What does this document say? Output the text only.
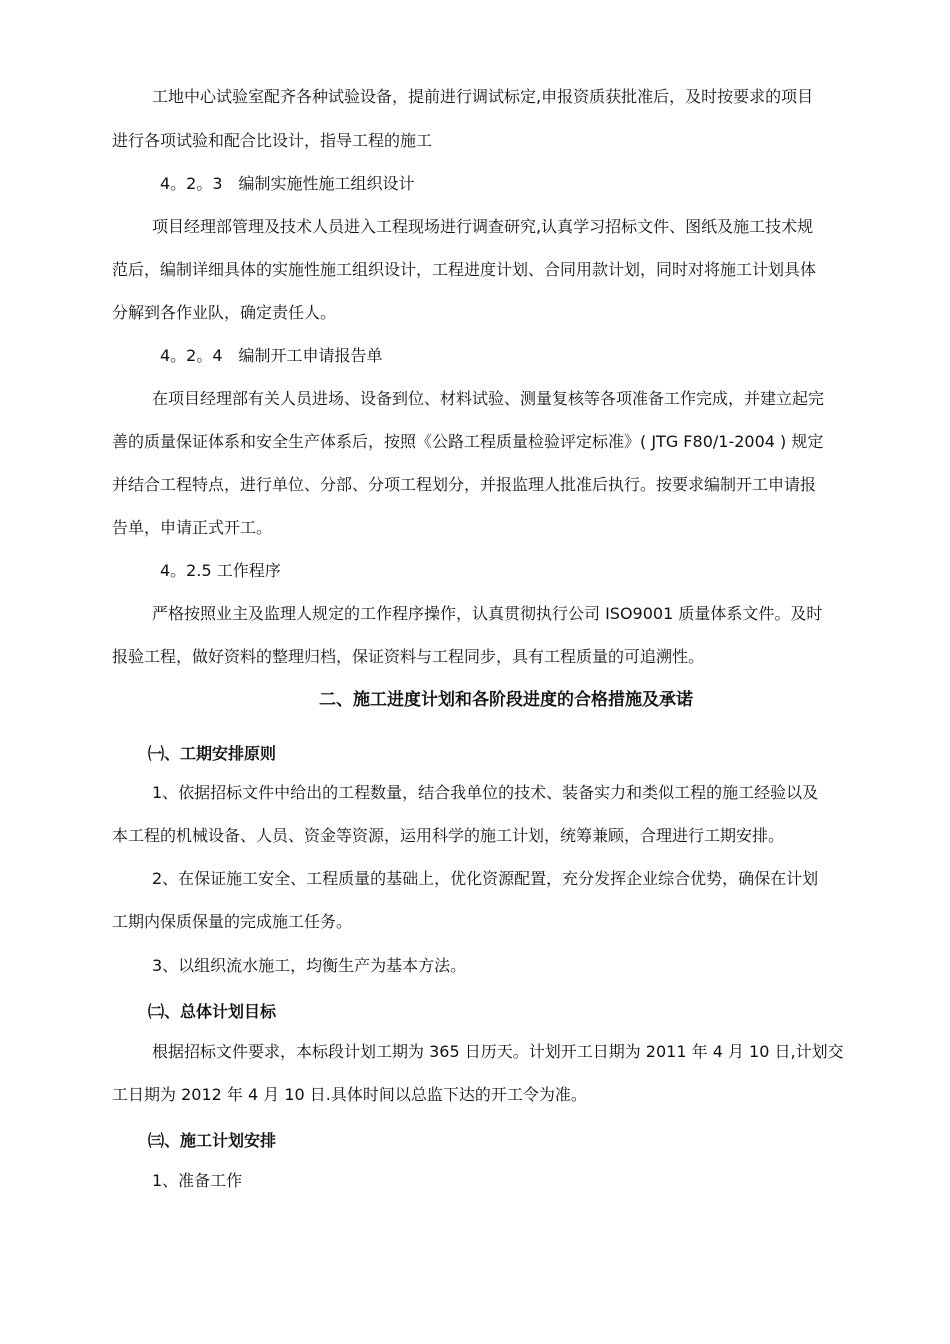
工地中心试验室配齐各种试验设备，提前进行调试标定,申报资质获批准后，及时按要求的项目

进行各项试验和配合比设计，指导工程的施工

4。2。3　编制实施性施工组织设计

项目经理部管理及技术人员进入工程现场进行调查研究,认真学习招标文件、图纸及施工技术规

范后，编制详细具体的实施性施工组织设计，工程进度计划、合同用款计划，同时对将施工计划具体

分解到各作业队，确定责任人。

4。2。4　编制开工申请报告单

在项目经理部有关人员进场、设备到位、材料试验、测量复核等各项准备工作完成，并建立起完

善的质量保证体系和安全生产体系后，按照《公路工程质量检验评定标准》( JTG F80/1-2004 ) 规定

并结合工程特点，进行单位、分部、分项工程划分，并报监理人批准后执行。按要求编制开工申请报

告单，申请正式开工。

4。2.5 工作程序

严格按照业主及监理人规定的工作程序操作，认真贯彻执行公司 ISO9001 质量体系文件。及时

报验工程，做好资料的整理归档，保证资料与工程同步，具有工程质量的可追溯性。

二、施工进度计划和各阶段进度的合格措施及承诺

㈠、工期安排原则

1、依据招标文件中给出的工程数量，结合我单位的技术、装备实力和类似工程的施工经验以及

本工程的机械设备、人员、资金等资源，运用科学的施工计划，统筹兼顾，合理进行工期安排。

2、在保证施工安全、工程质量的基础上，优化资源配置，充分发挥企业综合优势，确保在计划

工期内保质保量的完成施工任务。

3、以组织流水施工，均衡生产为基本方法。

㈡、总体计划目标

根据招标文件要求，本标段计划工期为 365 日历天。计划开工日期为 2011 年 4 月 10 日,计划交

工日期为 2012 年 4 月 10 日.具体时间以总监下达的开工令为准。

㈢、施工计划安排

1、准备工作
